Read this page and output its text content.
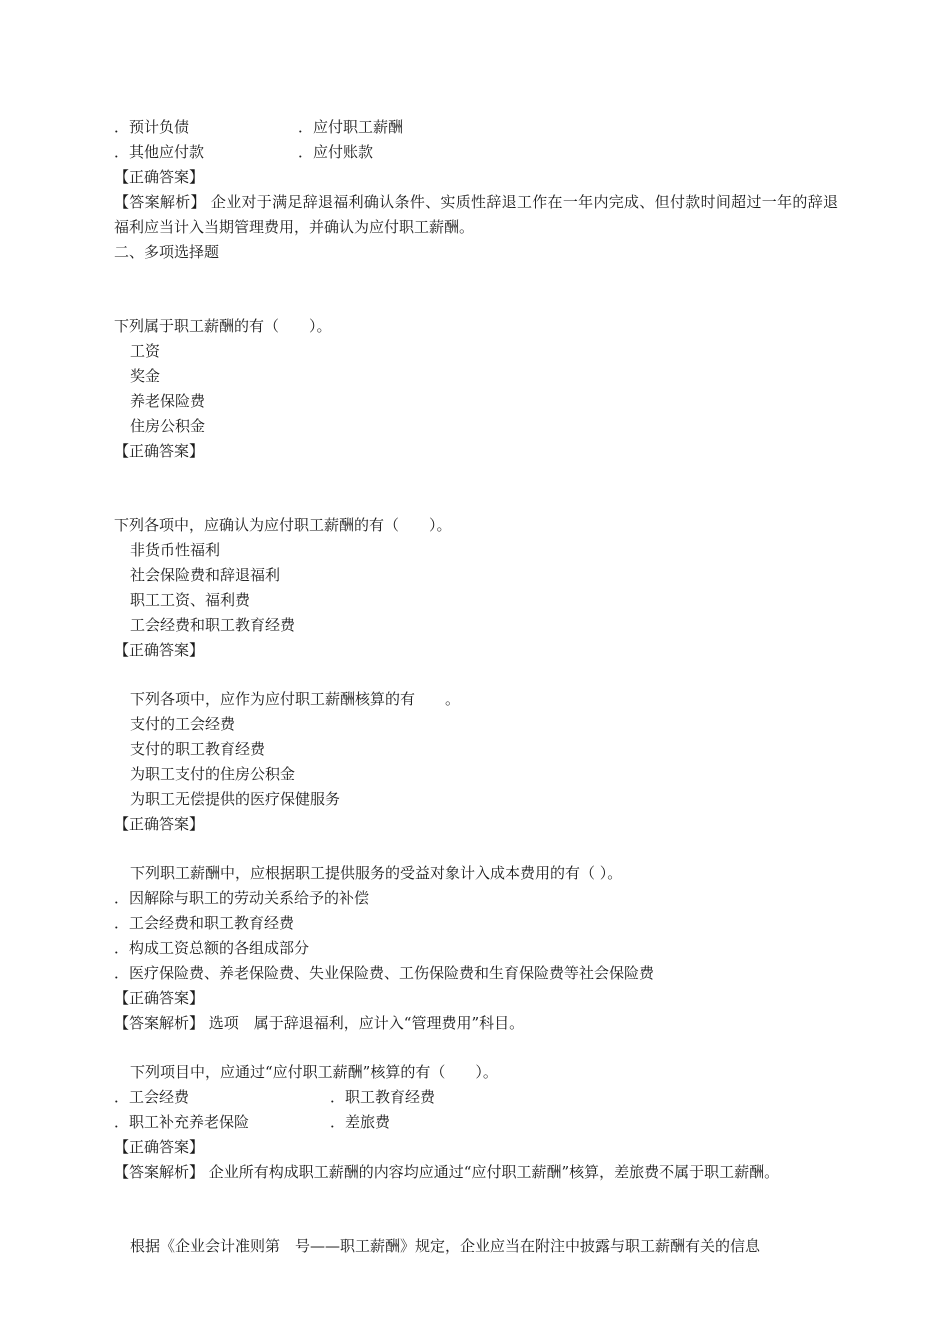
．预计负债	．应付职工薪酬
．其他应付款	．应付账款
【正确答案】
【答案解析】 企业对于满足辞退福利确认条件、实质性辞退工作在一年内完成、但付款时间超过一年的辞退福利应当计入当期管理费用，并确认为应付职工薪酬。
二、多项选择题
下列属于职工薪酬的有（　　）。
工资
奖金
养老保险费
住房公积金
【正确答案】
下列各项中，应确认为应付职工薪酬的有（　　）。
非货币性福利
社会保险费和辞退福利
职工工资、福利费
工会经费和职工教育经费
【正确答案】
下列各项中，应作为应付职工薪酬核算的有　　。
支付的工会经费
支付的职工教育经费
为职工支付的住房公积金
为职工无偿提供的医疗保健服务
【正确答案】
下列职工薪酬中，应根据职工提供服务的受益对象计入成本费用的有（ ）。
．因解除与职工的劳动关系给予的补偿
．工会经费和职工教育经费
．构成工资总额的各组成部分
．医疗保险费、养老保险费、失业保险费、工伤保险费和生育保险费等社会保险费
【正确答案】
【答案解析】 选项　属于辞退福利，应计入“管理费用”科目。
下列项目中，应通过“应付职工薪酬”核算的有（　　）。
．工会经费	．职工教育经费
．职工补充养老保险	．差旅费
【正确答案】
【答案解析】 企业所有构成职工薪酬的内容均应通过“应付职工薪酬”核算，差旅费不属于职工薪酬。
根据《企业会计准则第　号——职工薪酬》规定，企业应当在附注中披露与职工薪酬有关的信息
